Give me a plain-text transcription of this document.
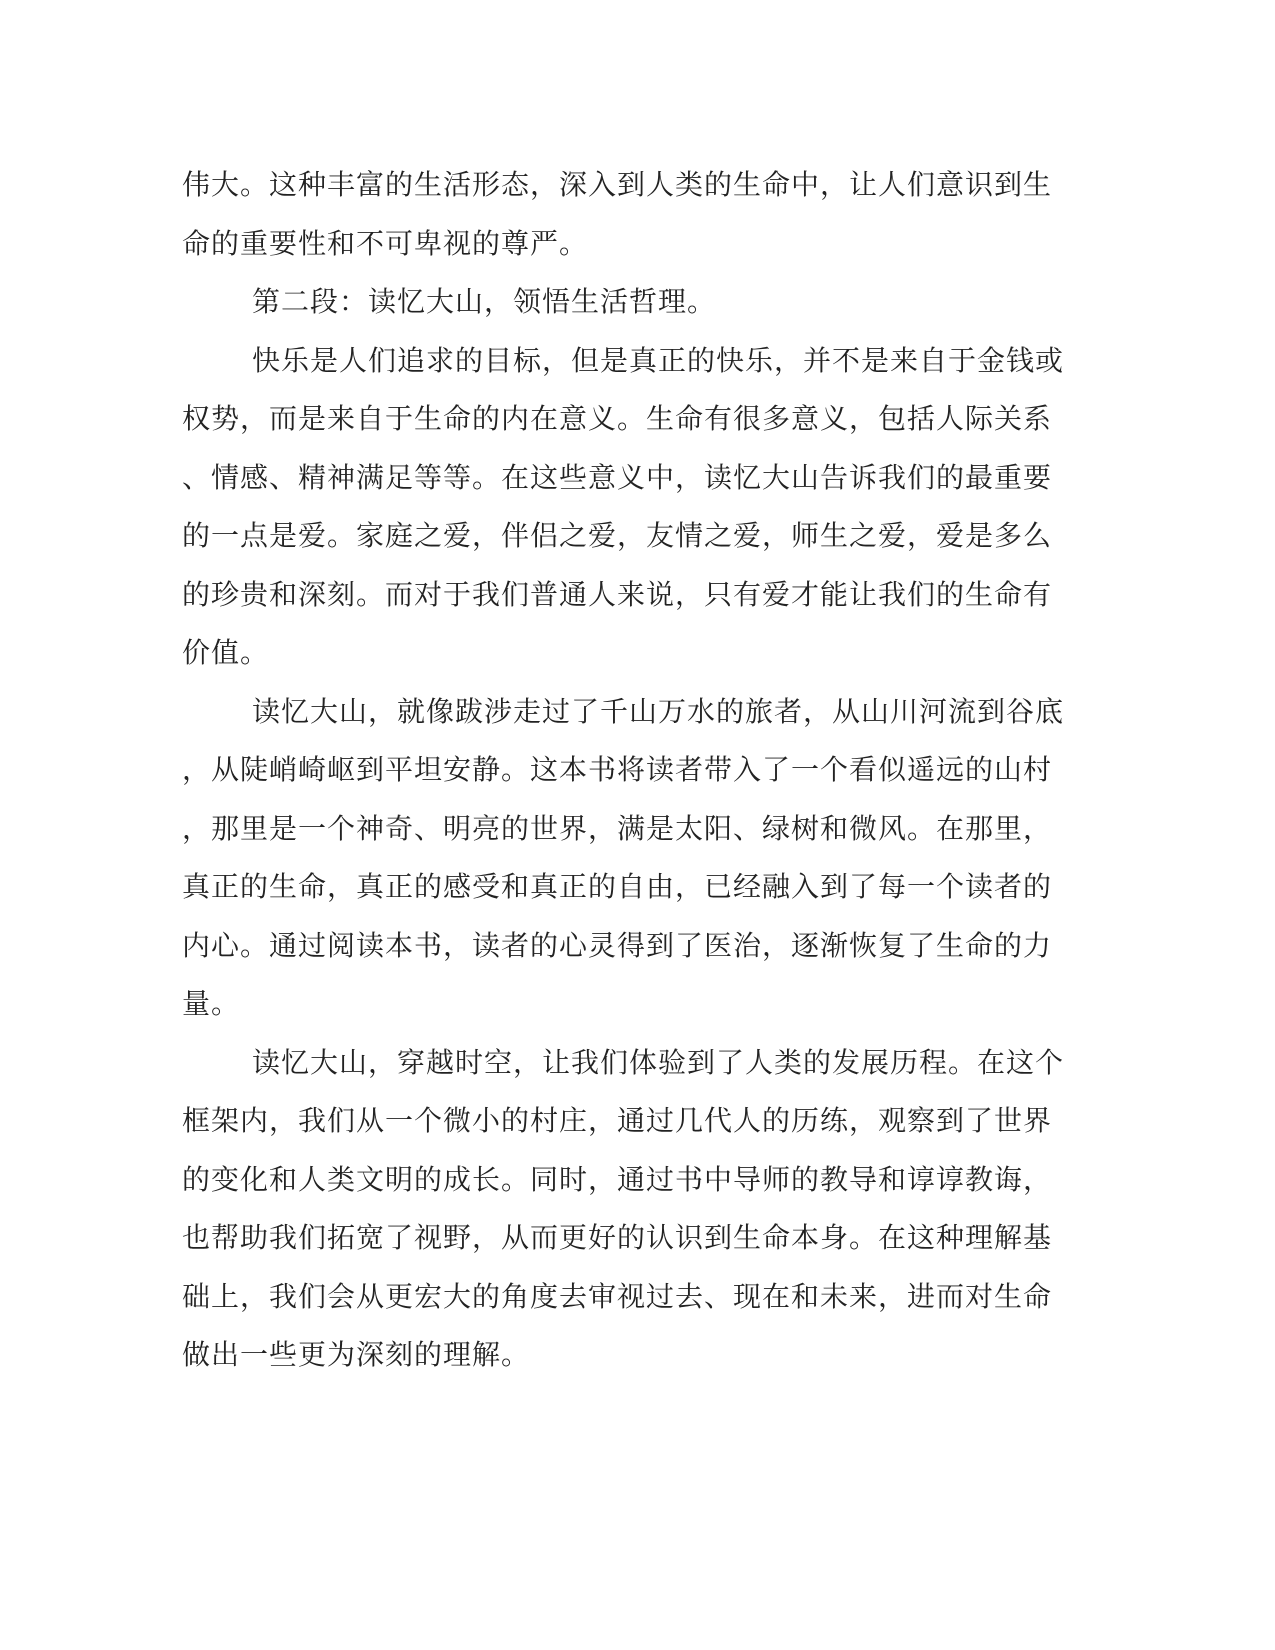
伟大。这种丰富的生活形态，深入到人类的生命中，让人们意识到生
命的重要性和不可卑视的尊严。
第二段：读忆大山，领悟生活哲理。
快乐是人们追求的目标，但是真正的快乐，并不是来自于金钱或
权势，而是来自于生命的内在意义。生命有很多意义，包括人际关系
、情感、精神满足等等。在这些意义中，读忆大山告诉我们的最重要
的一点是爱。家庭之爱，伴侣之爱，友情之爱，师生之爱，爱是多么
的珍贵和深刻。而对于我们普通人来说，只有爱才能让我们的生命有
价值。
读忆大山，就像跋涉走过了千山万水的旅者，从山川河流到谷底
，从陡峭崎岖到平坦安静。这本书将读者带入了一个看似遥远的山村
，那里是一个神奇、明亮的世界，满是太阳、绿树和微风。在那里，
真正的生命，真正的感受和真正的自由，已经融入到了每一个读者的
内心。通过阅读本书，读者的心灵得到了医治，逐渐恢复了生命的力
量。
读忆大山，穿越时空，让我们体验到了人类的发展历程。在这个
框架内，我们从一个微小的村庄，通过几代人的历练，观察到了世界
的变化和人类文明的成长。同时，通过书中导师的教导和谆谆教诲，
也帮助我们拓宽了视野，从而更好的认识到生命本身。在这种理解基
础上，我们会从更宏大的角度去审视过去、现在和未来，进而对生命
做出一些更为深刻的理解。
